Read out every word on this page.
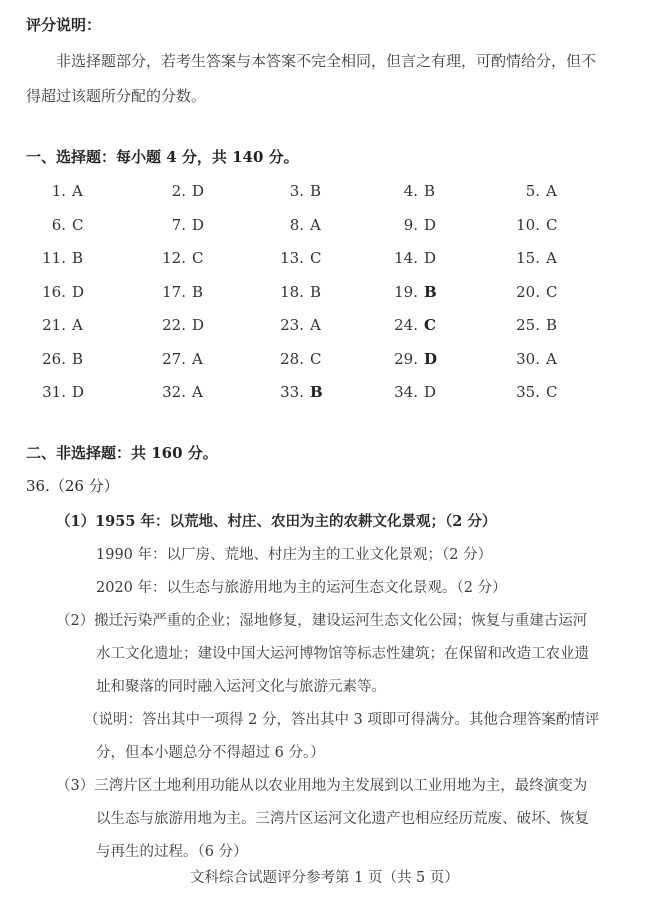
评分说明：
非选择题部分，若考生答案与本答案不完全相同，但言之有理，可酌情给分，但不
得超过该题所分配的分数。
一、选择题：每小题 4 分，共 140 分。
1. A	2. D	3. B	4. B	5. A
6. C	7. D	8. A	9. D	10. C
11. B	12. C	13. C	14. D	15. A
16. D	17. B	18. B	19. B	20. C
21. A	22. D	23. A	24. C	25. B
26. B	27. A	28. C	29. D	30. A
31. D	32. A	33. B	34. D	35. C
二、非选择题：共 160 分。
36.（26 分）
（1）1955 年：以荒地、村庄、农田为主的农耕文化景观；（2 分）
1990 年：以厂房、荒地、村庄为主的工业文化景观；（2 分）
2020 年：以生态与旅游用地为主的运河生态文化景观。（2 分）
（2）搬迁污染严重的企业；湿地修复，建设运河生态文化公园；恢复与重建古运河
水工文化遗址；建设中国大运河博物馆等标志性建筑；在保留和改造工农业遗
址和聚落的同时融入运河文化与旅游元素等。
（说明：答出其中一项得 2 分，答出其中 3 项即可得满分。其他合理答案酌情评
分，但本小题总分不得超过 6 分。）
（3）三湾片区土地利用功能从以农业用地为主发展到以工业用地为主，最终演变为
以生态与旅游用地为主。三湾片区运河文化遗产也相应经历荒废、破坏、恢复
与再生的过程。（6 分）
文科综合试题评分参考第 1 页（共 5 页）
